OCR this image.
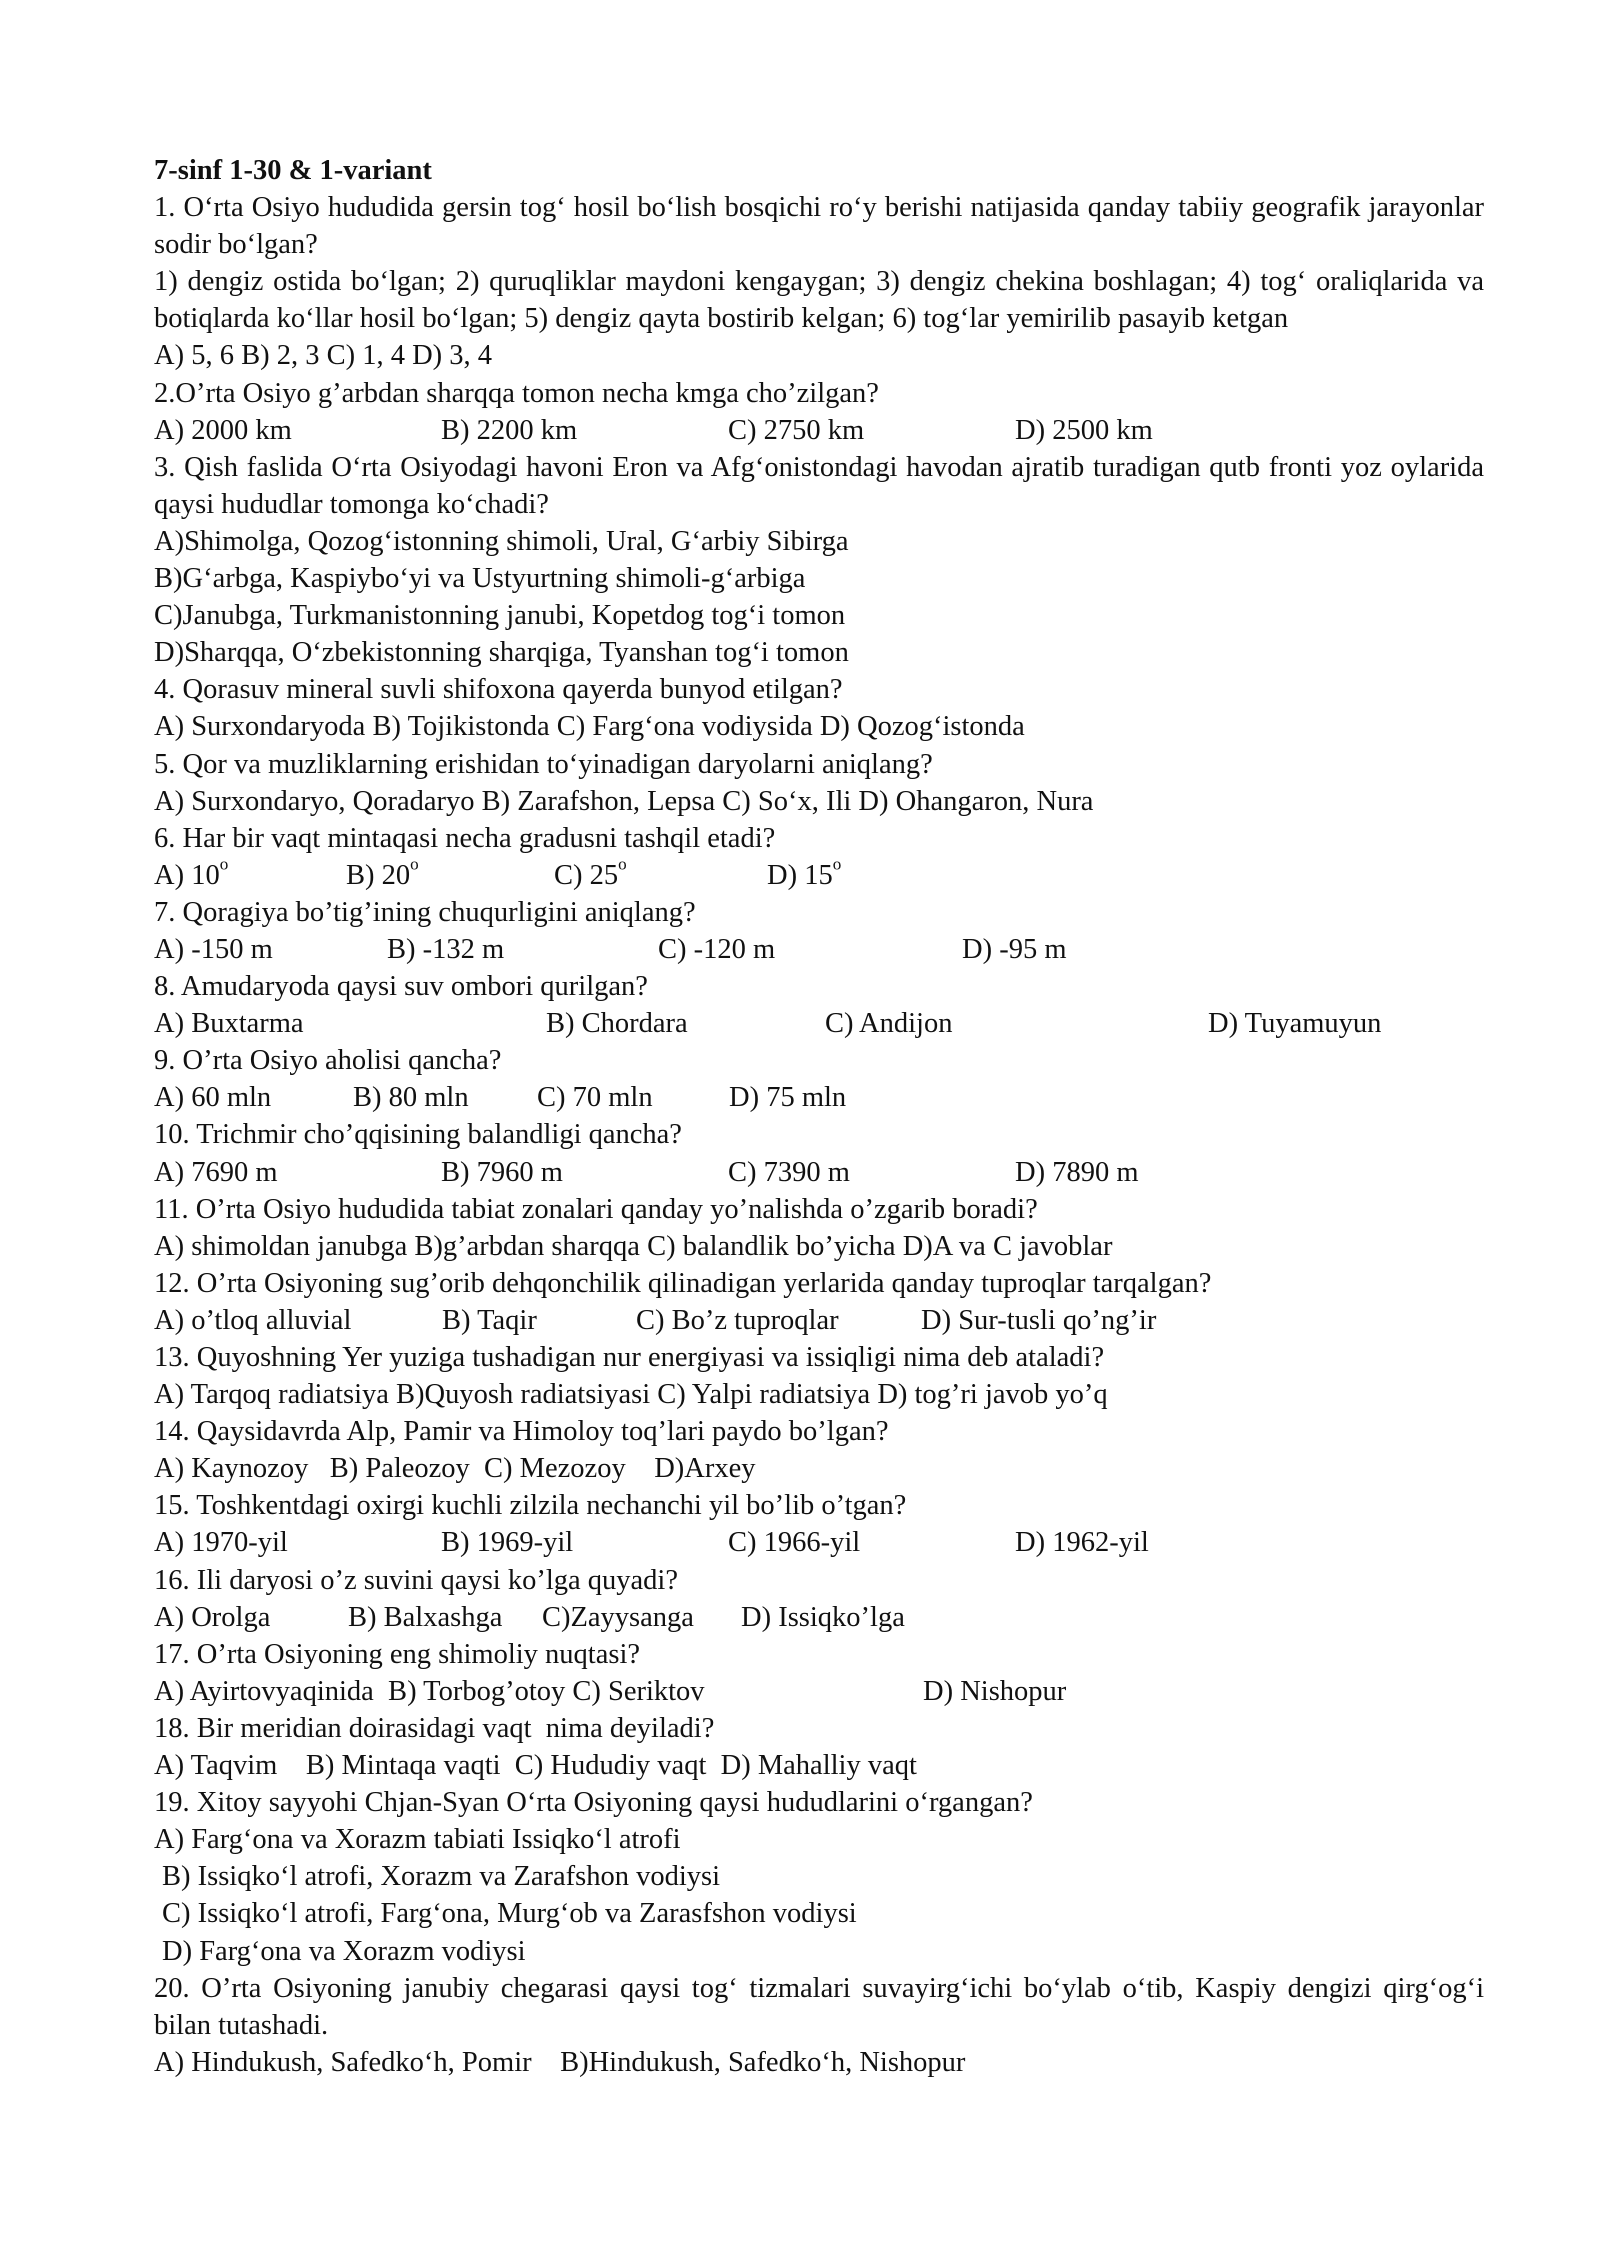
7-sinf 1-30 & 1-variant
1. O‘rta Osiyo hududida gersin tog‘ hosil bo‘lish bosqichi ro‘y berishi natijasida qanday tabiiy geografik jarayonlar sodir bo‘lgan?
1) dengiz ostida bo‘lgan; 2) quruqliklar maydoni kengaygan; 3) dengiz chekina boshlagan; 4) tog‘ oraliqlarida va botiqlarda ko‘llar hosil bo‘lgan; 5) dengiz qayta bostirib kelgan; 6) tog‘lar yemirilib pasayib ketgan
A) 5, 6 B) 2, 3 C) 1, 4 D) 3, 4
2.O’rta Osiyo g’arbdan sharqqa tomon necha kmga cho’zilgan?
A) 2000 km	B) 2200 km	C) 2750 km	D) 2500 km
3. Qish faslida O‘rta Osiyodagi havoni Eron va Afg‘onistondagi havodan ajratib turadigan qutb fronti yoz oylarida qaysi hududlar tomonga ko‘chadi?
A)Shimolga, Qozog‘istonning shimoli, Ural, G‘arbiy Sibirga
B)G‘arbga, Kaspiybo‘yi va Ustyurtning shimoli-g‘arbiga
C)Janubga, Turkmanistonning janubi, Kopetdog tog‘i tomon
D)Sharqqa, O‘zbekistonning sharqiga, Tyanshan tog‘i tomon
4. Qorasuv mineral suvli shifoxona qayerda bunyod etilgan?
A) Surxondaryoda B) Tojikistonda C) Farg‘ona vodiysida D) Qozog‘istonda
5. Qor va muzliklarning erishidan to‘yinadigan daryolarni aniqlang?
A) Surxondaryo, Qoradaryo B) Zarafshon, Lepsa C) So‘x, Ili D) Ohangaron, Nura
6. Har bir vaqt mintaqasi necha gradusni tashqil etadi?
A) 10$^o$	B) 20$^o$	C) 25$^o$	D) 15$^o$
7. Qoragiya bo’tig’ining chuqurligini aniqlang?
A) -150 m	B) -132 m	C) -120 m	D) -95 m
8. Amudaryoda qaysi suv ombori qurilgan?
A) Buxtarma	B) Chordara	C) Andijon	D) Tuyamuyun
9. O’rta Osiyo aholisi qancha?
A) 60 mln	B) 80 mln	C) 70 mln	D) 75 mln
10. Trichmir cho’qqisining balandligi qancha?
A) 7690 m	B) 7960 m	C) 7390 m	D) 7890 m
11. O’rta Osiyo hududida tabiat zonalari qanday yo’nalishda o’zgarib boradi?
A) shimoldan janubga B)g’arbdan sharqqa C) balandlik bo’yicha D)A va C javoblar
12. O’rta Osiyoning sug’orib dehqonchilik qilinadigan yerlarida qanday tuproqlar tarqalgan?
A) o’tloq alluvial	B) Taqir	C) Bo’z tuproqlar	D) Sur-tusli qo’ng’ir
13. Quyoshning Yer yuziga tushadigan nur energiyasi va issiqligi nima deb ataladi?
A) Tarqoq radiatsiya B)Quyosh radiatsiyasi C) Yalpi radiatsiya D) tog’ri javob yo’q
14. Qaysidavrda Alp, Pamir va Himoloy toq’lari paydo bo’lgan?
A) Kaynozoy   B) Paleozoy  C) Mezozoy    D)Arxey
15. Toshkentdagi oxirgi kuchli zilzila nechanchi yil bo’lib o’tgan?
A) 1970-yil	B) 1969-yil	C) 1966-yil	D) 1962-yil
16. Ili daryosi o’z suvini qaysi ko’lga quyadi?
A) Orolga	B) Balxashga	C)Zayysanga	D) Issiqko’lga
17. O’rta Osiyoning eng shimoliy nuqtasi?
A) Ayirtovyaqinida  B) Torbog’otoy C) Seriktov	D) Nishopur
18. Bir meridian doirasidagi vaqt  nima deyiladi?
A) Taqvim    B) Mintaqa vaqti  C) Hududiy vaqt  D) Mahalliy vaqt
19. Xitoy sayyohi Chjan-Syan O‘rta Osiyoning qaysi hududlarini o‘rgangan?
A) Farg‘ona va Xorazm tabiati Issiqko‘l atrofi
B) Issiqko‘l atrofi, Xorazm va Zarafshon vodiysi
C) Issiqko‘l atrofi, Farg‘ona, Murg‘ob va Zarasfshon vodiysi
D) Farg‘ona va Xorazm vodiysi
20. O’rta Osiyoning janubiy chegarasi qaysi tog‘ tizmalari suvayirg‘ichi bo‘ylab o‘tib, Kaspiy dengizi qirg‘og‘i bilan tutashadi.
A) Hindukush, Safedko‘h, Pomir    B)Hindukush, Safedko‘h, Nishopur
